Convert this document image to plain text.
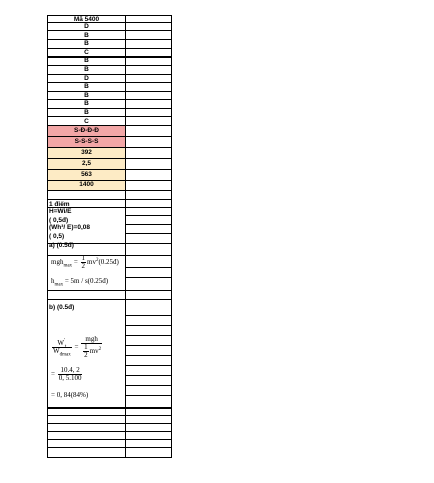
Mã 5400
D
B
B
C
B
B
D
B
B
B
B
C
S-Đ-Đ-Đ
S-S-S-S
392
2,5
563
1400
1 điểm
H=Wi/E
( 0,5đ)
(Wh³/ E)=0,08
( 0,5)
a) (0.5đ)
$mgh_{max} = \frac{1}{2}$ $mv^2(0.25đ)$
$h_{max} = 5m$ / s(0.25đ)
b) (0.5đ)
$\frac{W'_t}{W_{đmax}} = \frac{\text{mgh}}{\frac{1}{2} mv^2}$
= $\frac{10.4, 2}{0, 5.100}$
= 0, 84(84%)
